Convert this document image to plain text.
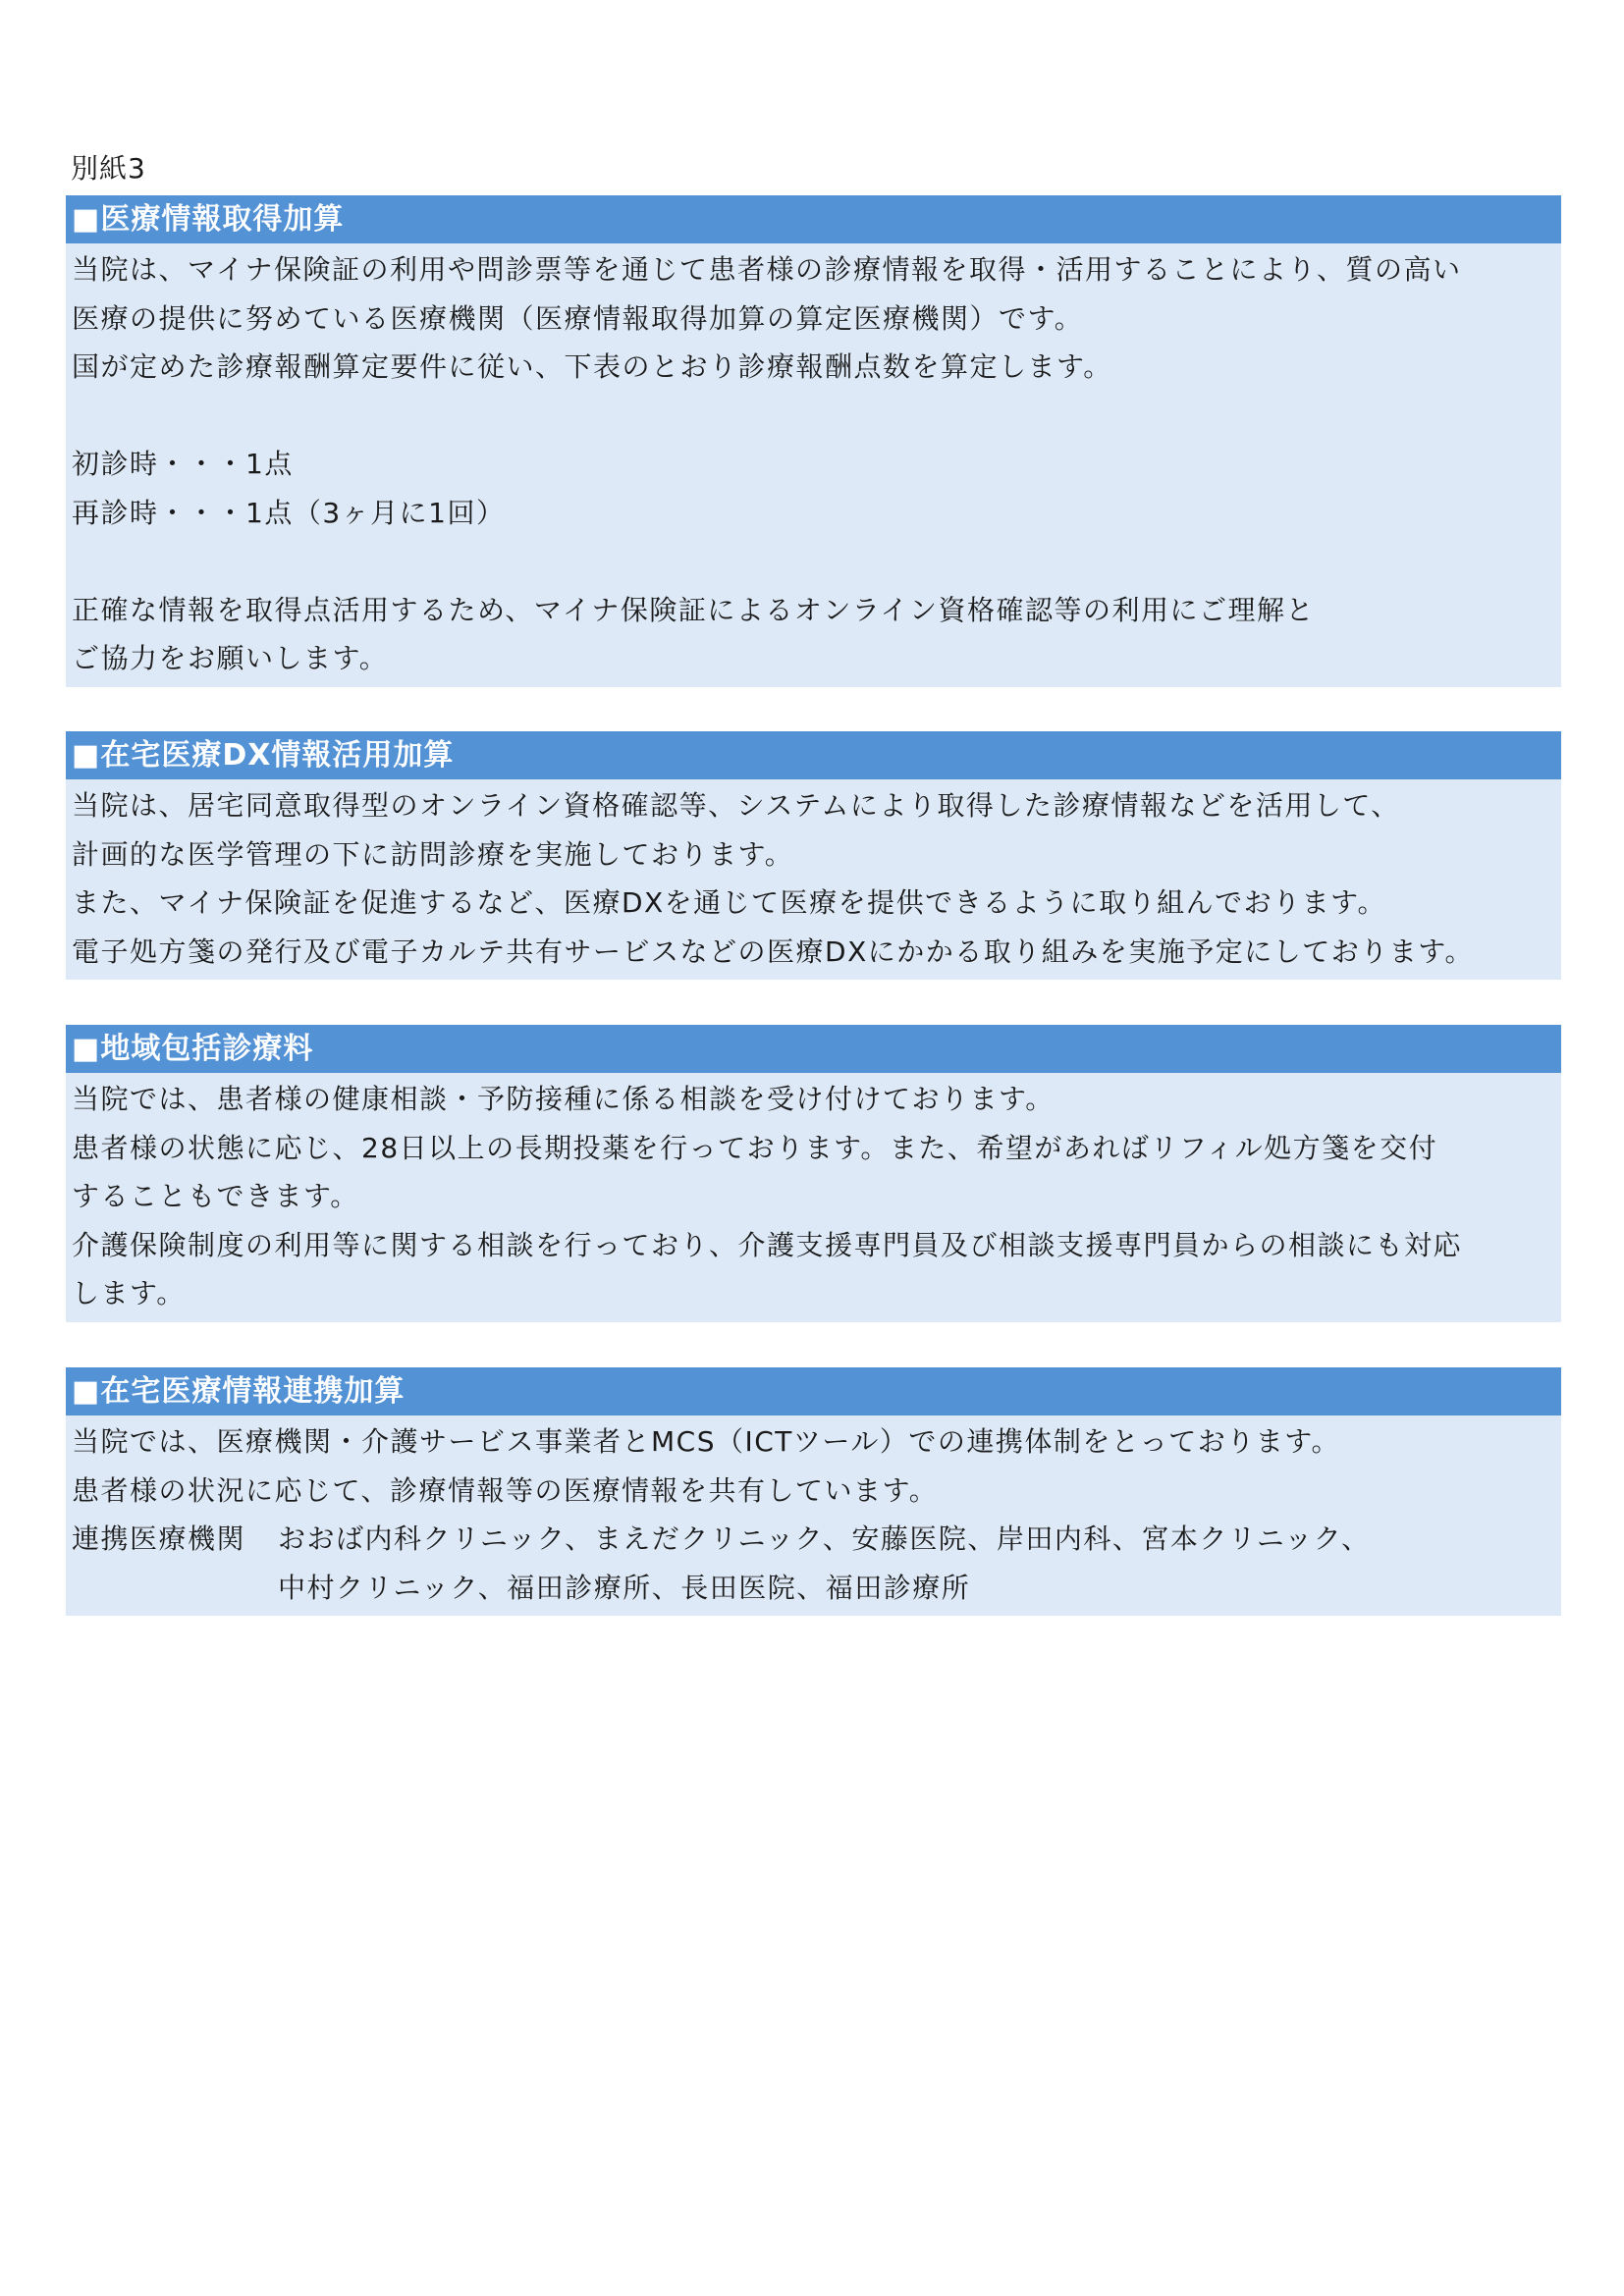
別紙3
■医療情報取得加算
当院は、マイナ保険証の利用や問診票等を通じて患者様の診療情報を取得・活用することにより、質の高い
医療の提供に努めている医療機関（医療情報取得加算の算定医療機関）です。
国が定めた診療報酬算定要件に従い、下表のとおり診療報酬点数を算定します。
初診時・・・1点
再診時・・・1点（3ヶ月に1回）
正確な情報を取得点活用するため、マイナ保険証によるオンライン資格確認等の利用にご理解と
ご協力をお願いします。
■在宅医療DX情報活用加算
当院は、居宅同意取得型のオンライン資格確認等、システムにより取得した診療情報などを活用して、
計画的な医学管理の下に訪問診療を実施しております。
また、マイナ保険証を促進するなど、医療DXを通じて医療を提供できるように取り組んでおります。
電子処方箋の発行及び電子カルテ共有サービスなどの医療DXにかかる取り組みを実施予定にしております。
■地域包括診療料
当院では、患者様の健康相談・予防接種に係る相談を受け付けております。
患者様の状態に応じ、28日以上の長期投薬を行っております。また、希望があればリフィル処方箋を交付
することもできます。
介護保険制度の利用等に関する相談を行っており、介護支援専門員及び相談支援専門員からの相談にも対応
します。
■在宅医療情報連携加算
当院では、医療機関・介護サービス事業者とMCS（ICTツール）での連携体制をとっております。
患者様の状況に応じて、診療情報等の医療情報を共有しています。
連携医療機関	おおば内科クリニック、まえだクリニック、安藤医院、岸田内科、宮本クリニック、
中村クリニック、福田診療所、長田医院、福田診療所
